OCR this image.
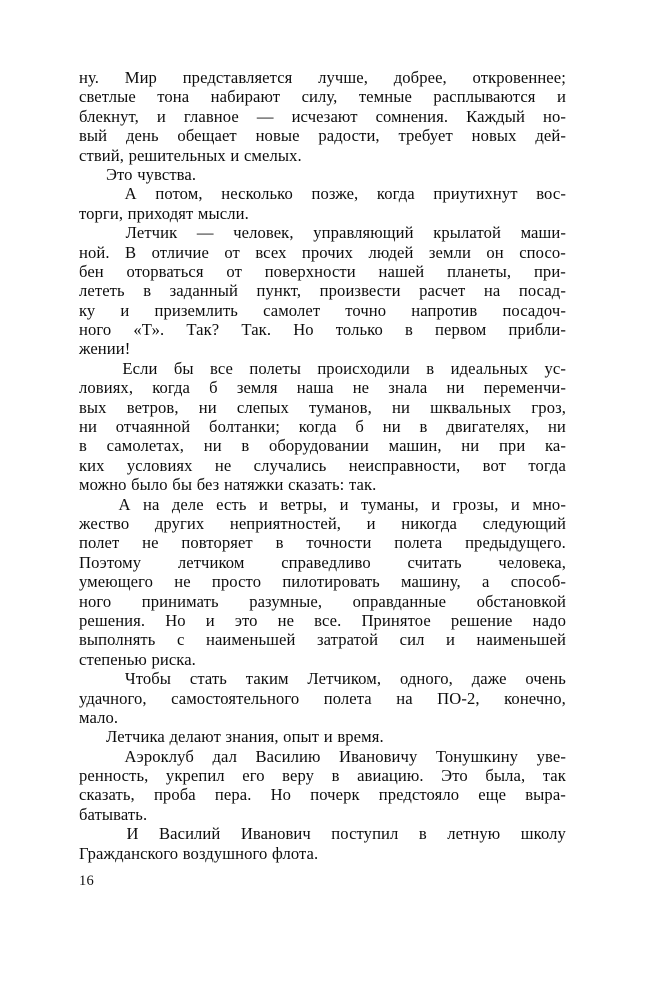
ну. Мир представляется лучше, добрее, откровеннее;
светлые тона набирают силу, темные расплываются и
блекнут, и главное — исчезают сомнения. Каждый но-
вый день обещает новые радости, требует новых дей-
ствий, решительных и смелых.
Это чувства.
А потом, несколько позже, когда приутихнут вос-
торги, приходят мысли.
Летчик — человек, управляющий крылатой маши-
ной. В отличие от всех прочих людей земли он спосо-
бен оторваться от поверхности нашей планеты, при-
лететь в заданный пункт, произвести расчет на посад-
ку и приземлить самолет точно напротив посадоч-
ного «Т». Так? Так. Но только в первом прибли-
жении!
Если бы все полеты происходили в идеальных ус-
ловиях, когда б земля наша не знала ни переменчи-
вых ветров, ни слепых туманов, ни шквальных гроз,
ни отчаянной болтанки; когда б ни в двигателях, ни
в самолетах, ни в оборудовании машин, ни при ка-
ких условиях не случались неисправности, вот тогда
можно было бы без натяжки сказать: так.
А на деле есть и ветры, и туманы, и грозы, и мно-
жество других неприятностей, и никогда следующий
полет не повторяет в точности полета предыдущего.
Поэтому летчиком справедливо считать человека,
умеющего не просто пилотировать машину, а способ-
ного принимать разумные, оправданные обстановкой
решения. Но и это не все. Принятое решение надо
выполнять с наименьшей затратой сил и наименьшей
степенью риска.
Чтобы стать таким Летчиком, одного, даже очень
удачного, самостоятельного полета на ПО-2, конечно,
мало.
Летчика делают знания, опыт и время.
Аэроклуб дал Василию Ивановичу Тонушкину уве-
ренность, укрепил его веру в авиацию. Это была, так
сказать, проба пера. Но почерк предстояло еще выра-
батывать.
И Василий Иванович поступил в летную школу
Гражданского воздушного флота.
16
